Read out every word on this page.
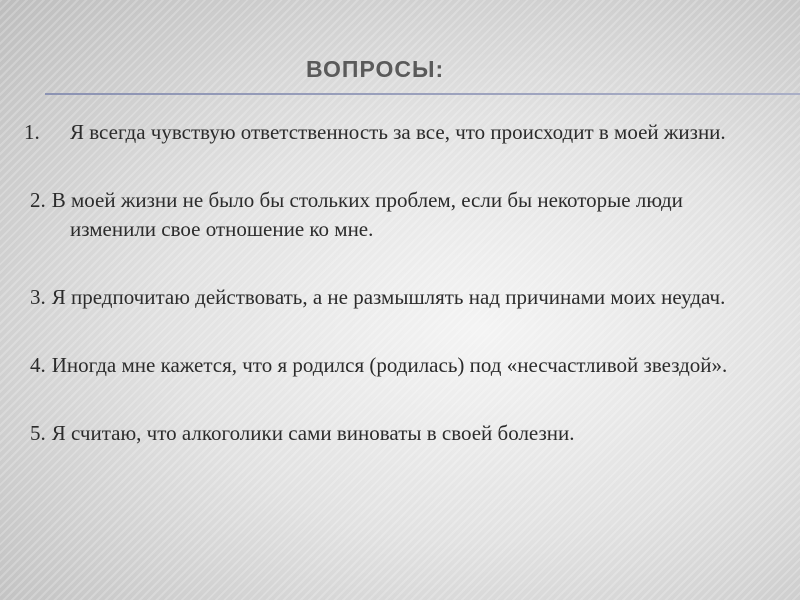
ВОПРОСЫ:
1. Я всегда чувствую ответственность за все, что происходит в моей жизни.
2. В моей жизни не было бы стольких проблем, если бы некоторые люди изменили свое отношение ко мне.
3. Я предпочитаю действовать, а не размышлять над причинами моих неудач.
4. Иногда мне кажется, что я родился (родилась) под «несчастливой звездой».
5. Я считаю, что алкоголики сами виноваты в своей болезни.
